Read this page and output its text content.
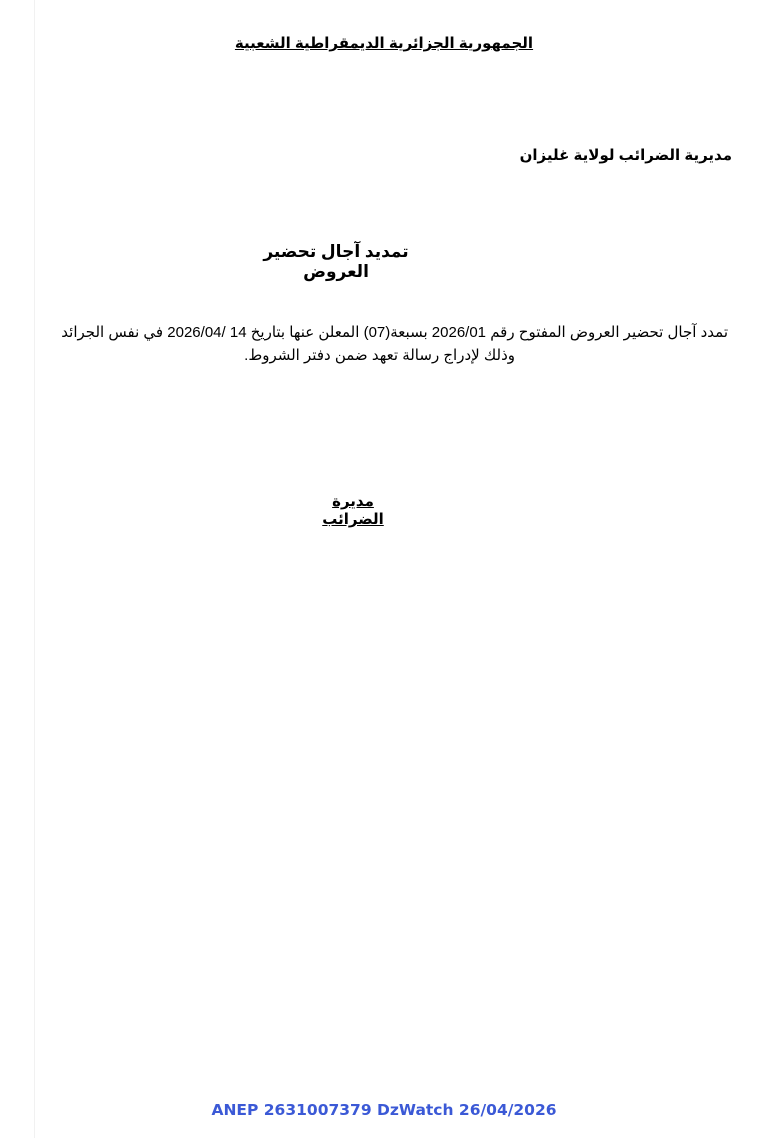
الجمهورية الجزائرية الديمقراطية الشعبية
مديرية الضرائب لولاية غليزان
تمديد آجال تحضير العروض
تمدد آجال تحضير العروض المفتوح رقم 2026/01 بسبعة(07) المعلن عنها بتاريخ 14 /2026/04 في نفس الجرائد
وذلك لإدراج رسالة تعهد ضمن دفتر الشروط.
مديرة الضرائب
ANEP 2631007379 DzWatch 26/04/2026
